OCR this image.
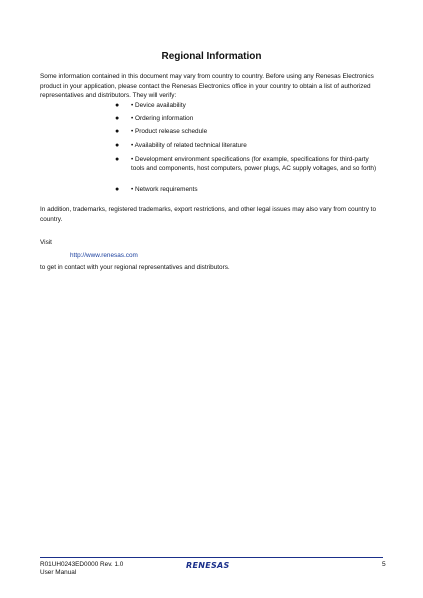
Regional Information
Some information contained in this document may vary from country to country. Before using any Renesas Electronics product in your application, please contact the Renesas Electronics office in your country to obtain a list of authorized representatives and distributors. They will verify:
● • Device availability
● • Ordering information
● • Product release schedule
● • Availability of related technical literature
● • Development environment specifications (for example, specifications for third-party tools and components, host computers, power plugs, AC supply voltages, and so forth)
● • Network requirements
In addition, trademarks, registered trademarks, export restrictions, and other legal issues may also vary from country to country.
Visit
http://www.renesas.com
to get in contact with your regional representatives and distributors.
R01UH0243ED0000 Rev. 1.0
User Manual
RENESAS	5
